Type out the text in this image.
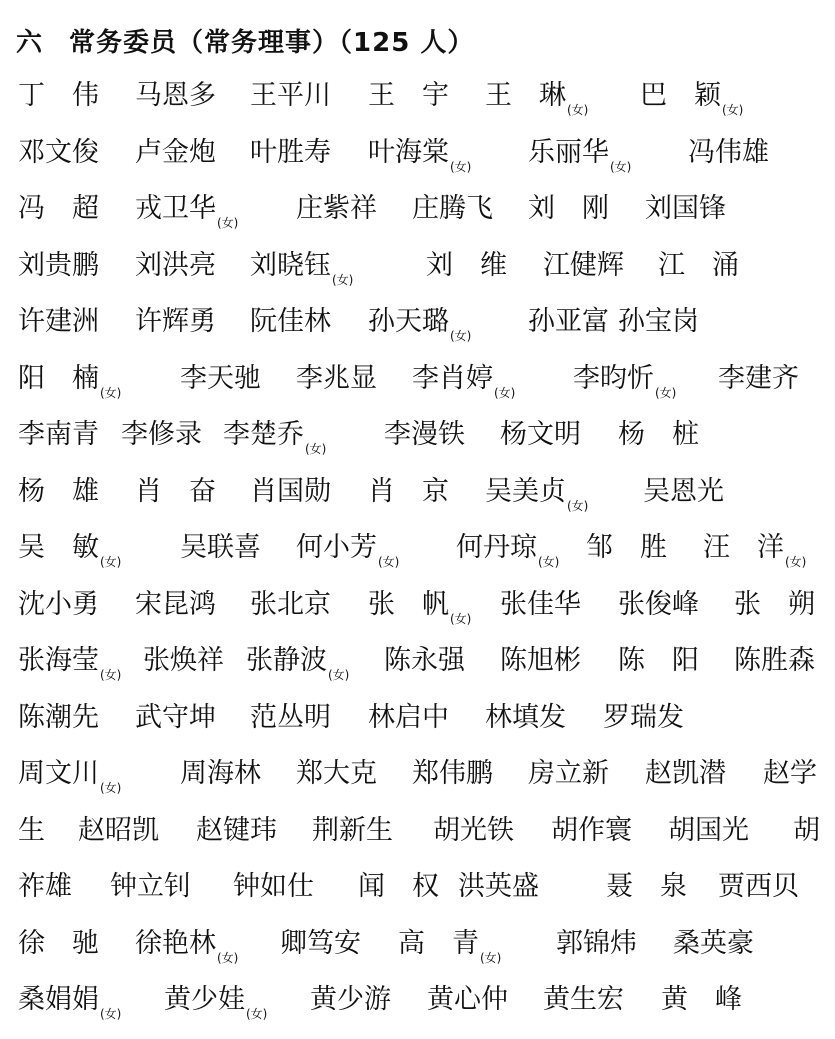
六 常务委员（常务理事）（125 人）
丁　伟 马恩多 王平川 王　宇 王　琳$_{(女)}$ 巴　颖$_{(女)}$
邓文俊 卢金炮 叶胜寿 叶海棠$_{(女)}$ 乐丽华$_{(女)}$ 冯伟雄
冯　超 戎卫华$_{(女)}$ 庄紫祥 庄腾飞 刘　刚 刘国锋
刘贵鹏 刘洪亮 刘晓钰$_{(女)}$	刘　维 江健辉 江　涌
许建洲 许辉勇 阮佳林 孙天璐$_{(女)}$ 孙亚富 孙宝岗
阳　楠$_{(女)}$ 李天驰 李兆显 李肖婷$_{(女)}$ 李昀忻$_{(女)}$ 李建齐
李南青 李修录 李楚乔$_{(女)}$ 李漫铁 杨文明 杨　桩
杨　雄 肖　奋 肖国勋 肖　京 吴美贞$_{(女)}$ 吴恩光
吴　敏$_{(女)}$ 吴联喜 何小芳$_{(女)}$ 何丹琼$_{(女)}$ 邹　胜 汪　洋$_{(女)}$
沈小勇 宋昆鸿 张北京 张　帆$_{(女)}$ 张佳华 张俊峰 张　朔
张海莹$_{(女)}$ 张焕祥 张静波$_{(女)}$ 陈永强 陈旭彬 陈　阳 陈胜森
陈潮先 武守坤 范丛明 林启中 林填发 罗瑞发
周文川$_{(女)}$ 周海林 郑大克 郑伟鹏 房立新 赵凯潜 赵学
生 赵昭凯 赵键玮 荆新生 胡光铁 胡作寰 胡国光 胡
祚雄 钟立钊 钟如仕 闻　权 洪英盛 聂　泉 贾西贝
徐　驰 徐艳林$_{(女)}$ 卿笃安 高　青$_{(女)}$ 郭锦炜 桑英豪
桑娟娟$_{(女)}$ 黄少娃$_{(女)}$ 黄少游 黄心仲 黄生宏 黄　峰
